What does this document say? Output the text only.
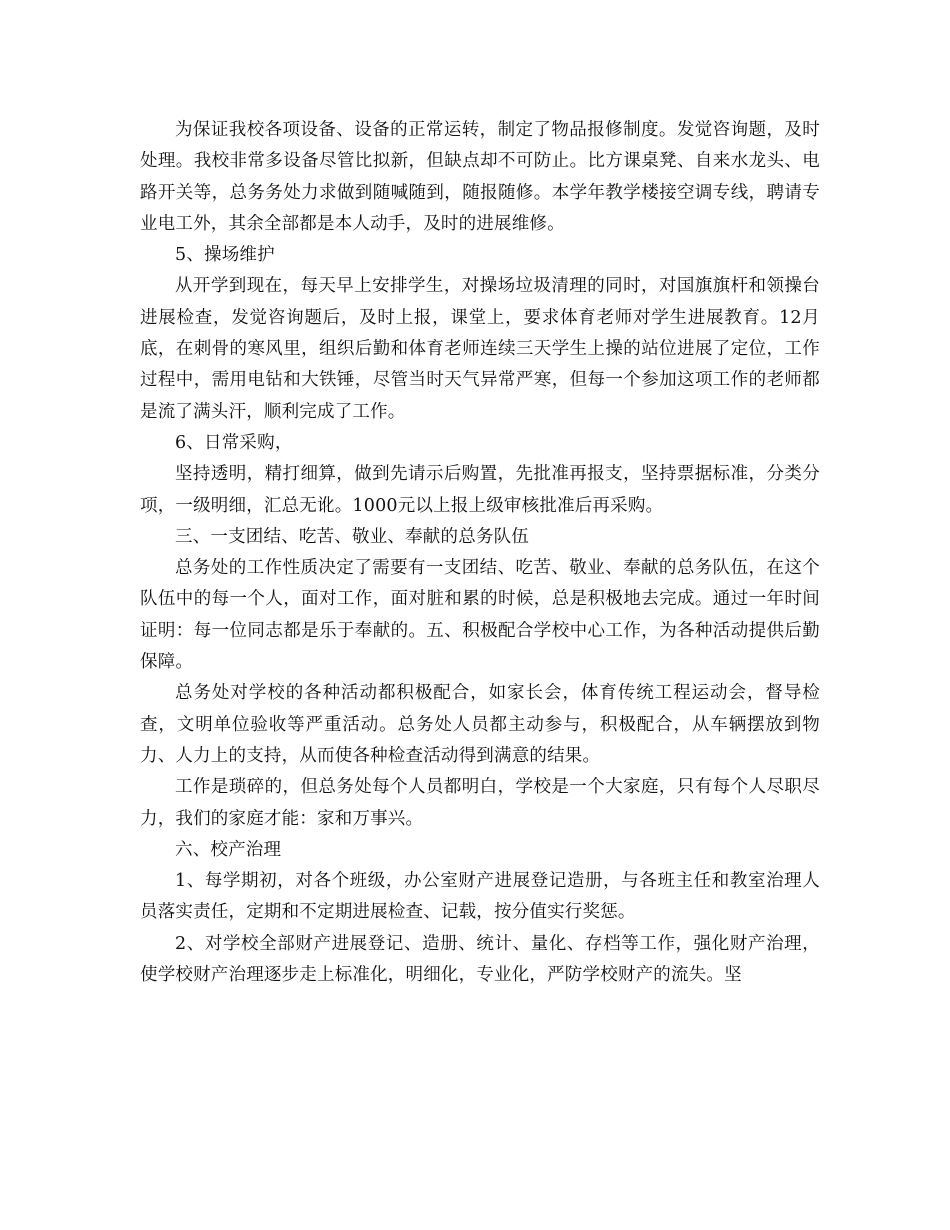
为保证我校各项设备、设备的正常运转，制定了物品报修制度。发觉咨询题，及时处理。我校非常多设备尽管比拟新，但缺点却不可防止。比方课桌凳、自来水龙头、电路开关等，总务务处力求做到随喊随到，随报随修。本学年教学楼接空调专线，聘请专业电工外，其余全部都是本人动手，及时的进展维修。

5、操场维护

从开学到现在，每天早上安排学生，对操场垃圾清理的同时，对国旗旗杆和领操台进展检查，发觉咨询题后，及时上报，课堂上，要求体育老师对学生进展教育。12月底，在刺骨的寒风里，组织后勤和体育老师连续三天学生上操的站位进展了定位，工作过程中，需用电钻和大铁锤，尽管当时天气异常严寒，但每一个参加这项工作的老师都是流了满头汗，顺利完成了工作。

6、日常采购，

坚持透明，精打细算，做到先请示后购置，先批准再报支，坚持票据标准，分类分项，一级明细，汇总无讹。1000元以上报上级审核批准后再采购。

三、一支团结、吃苦、敬业、奉献的总务队伍

总务处的工作性质决定了需要有一支团结、吃苦、敬业、奉献的总务队伍，在这个队伍中的每一个人，面对工作，面对脏和累的时候，总是积极地去完成。通过一年时间证明：每一位同志都是乐于奉献的。五、积极配合学校中心工作，为各种活动提供后勤保障。

总务处对学校的各种活动都积极配合，如家长会，体育传统工程运动会，督导检查，文明单位验收等严重活动。总务处人员都主动参与，积极配合，从车辆摆放到物力、人力上的支持，从而使各种检查活动得到满意的结果。

工作是琐碎的，但总务处每个人员都明白，学校是一个大家庭，只有每个人尽职尽力，我们的家庭才能：家和万事兴。

六、校产治理

1、每学期初，对各个班级，办公室财产进展登记造册，与各班主任和教室治理人员落实责任，定期和不定期进展检查、记载，按分值实行奖惩。

2、对学校全部财产进展登记、造册、统计、量化、存档等工作，强化财产治理，使学校财产治理逐步走上标准化，明细化，专业化，严防学校财产的流失。坚
